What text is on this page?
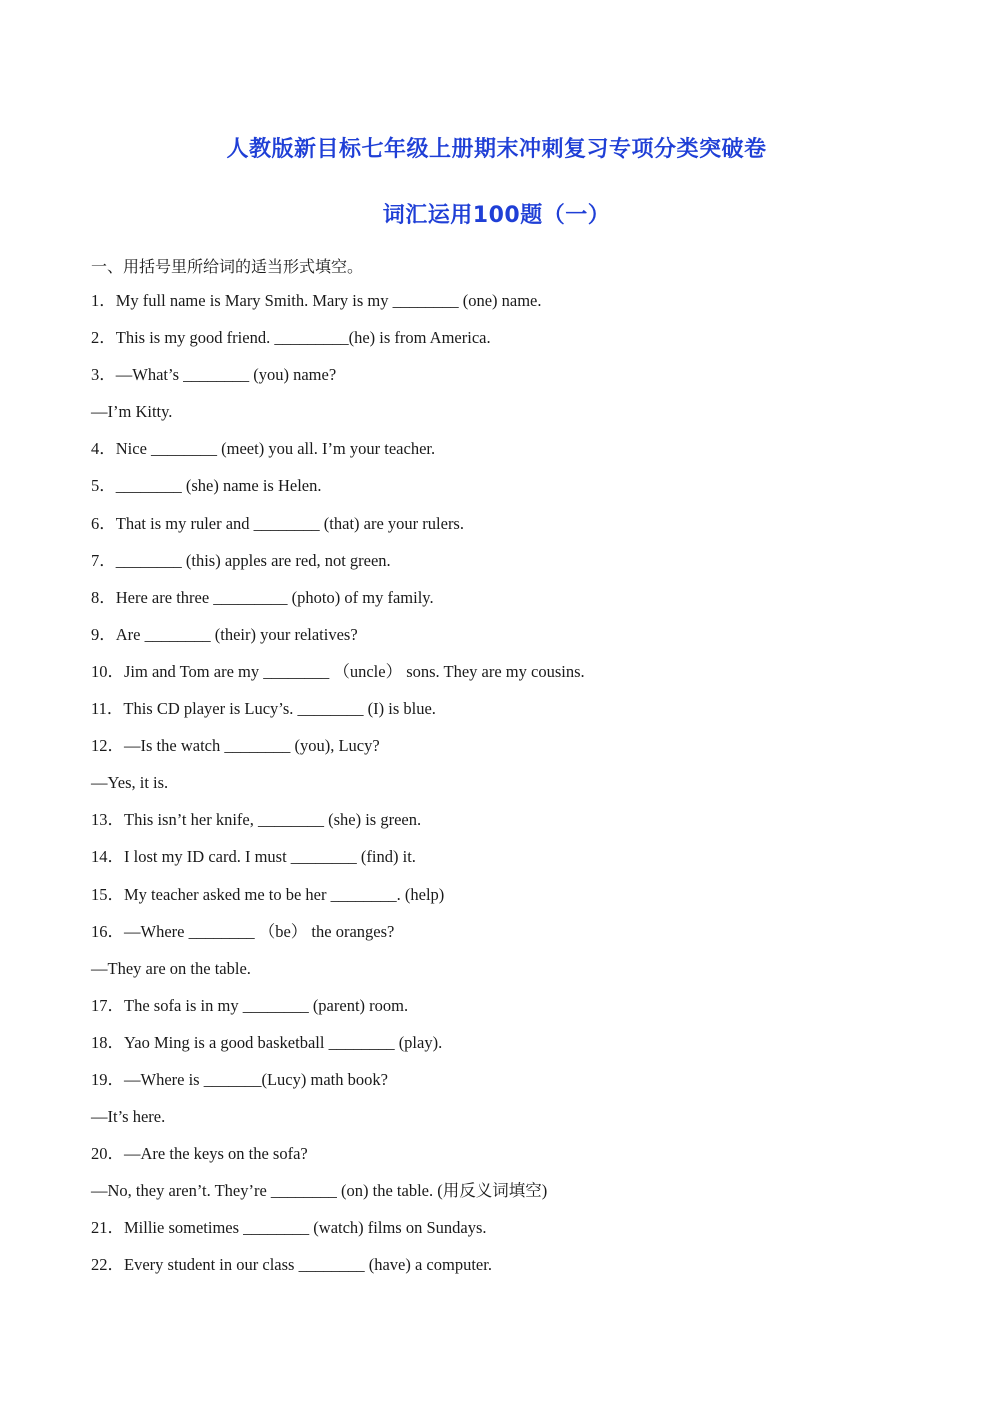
人教版新目标七年级上册期末冲刺复习专项分类突破卷
词汇运用100题（一）
一、用括号里所给词的适当形式填空。
1．My full name is Mary Smith. Mary is my ________ (one) name.
2．This is my good friend. _________(he) is from America.
3．—What’s ________ (you) name?
—I’m Kitty.
4．Nice ________ (meet) you all. I’m your teacher.
5．________ (she) name is Helen.
6．That is my ruler and ________ (that) are your rulers.
7．________ (this) apples are red, not green.
8．Here are three _________ (photo) of my family.
9．Are ________ (their) your relatives?
10．Jim and Tom are my ________ （uncle） sons. They are my cousins.
11．This CD player is Lucy’s. ________ (I) is blue.
12．—Is the watch ________ (you), Lucy?
—Yes, it is.
13．This isn’t her knife, ________ (she) is green.
14．I lost my ID card. I must ________ (find) it.
15．My teacher asked me to be her ________. (help)
16．—Where ________ （be） the oranges?
—They are on the table.
17．The sofa is in my ________ (parent) room.
18．Yao Ming is a good basketball ________ (play).
19．—Where is _______(Lucy) math book?
—It’s here.
20．—Are the keys on the sofa?
—No, they aren’t. They’re ________ (on) the table. (用反义词填空)
21．Millie sometimes ________ (watch) films on Sundays.
22．Every student in our class ________ (have) a computer.
